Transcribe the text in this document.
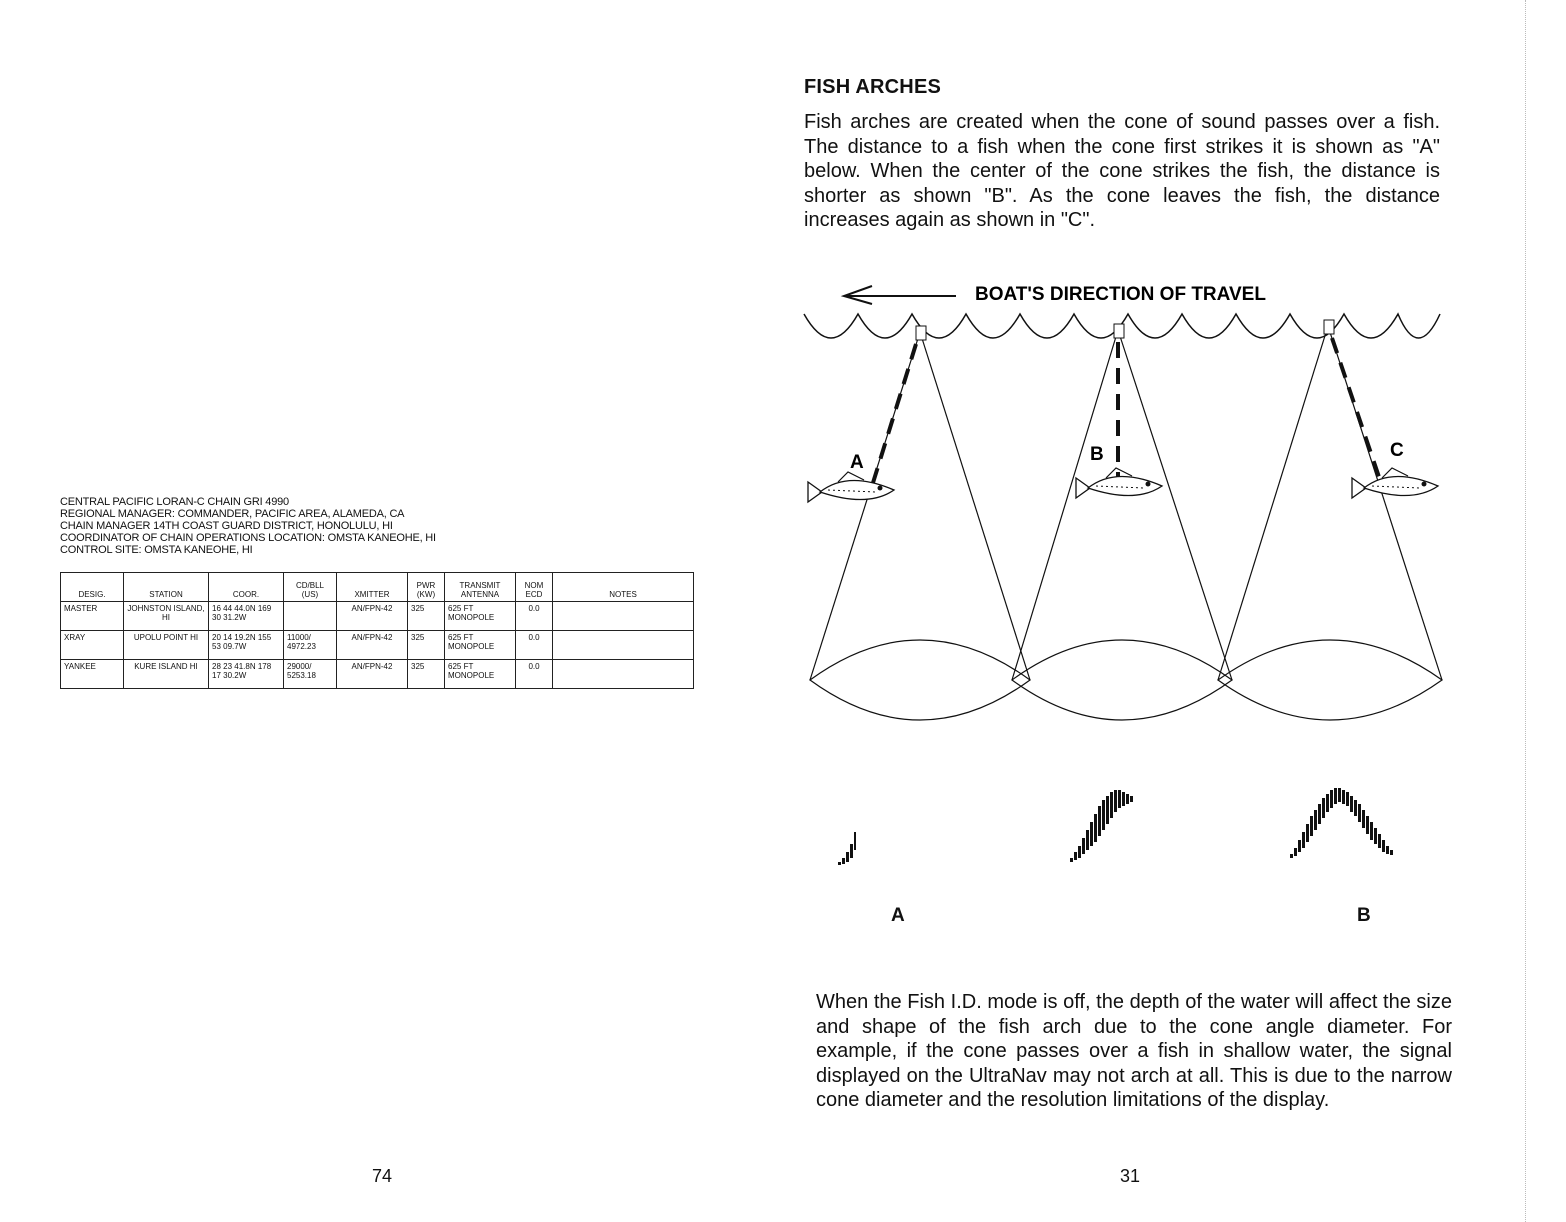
CENTRAL PACIFIC LORAN-C CHAIN GRI 4990
REGIONAL MANAGER: COMMANDER, PACIFIC AREA, ALAMEDA, CA
CHAIN MANAGER 14TH COAST GUARD DISTRICT, HONOLULU, HI
COORDINATOR OF CHAIN OPERATIONS LOCATION: OMSTA KANEOHE, HI
CONTROL SITE: OMSTA KANEOHE, HI
DESIG.	STATION	COOR.	CD/BLL (US)	XMITTER	PWR (KW)	TRANSMIT ANTENNA	NOM ECD	NOTES
MASTER	JOHNSTON ISLAND, HI	16 44 44.0N 169 30 31.2W		AN/FPN-42	325	625 FT MONOPOLE	0.0	
XRAY	UPOLU POINT HI	20 14 19.2N 155 53 09.7W	11000/ 4972.23	AN/FPN-42	325	625 FT MONOPOLE	0.0	
YANKEE	KURE ISLAND HI	28 23 41.8N 178 17 30.2W	29000/ 5253.18	AN/FPN-42	325	625 FT MONOPOLE	0.0	
74
FISH ARCHES

Fish arches are created when the cone of sound passes over a fish. The distance to a fish when the cone first strikes it is shown as "A" below. When the center of the cone strikes the fish, the distance is shorter as shown "B". As the cone leaves the fish, the distance increases again as shown in "C".

BOAT'S DIRECTION OF TRAVEL
A	B	C
A	B

When the Fish I.D. mode is off, the depth of the water will affect the size and shape of the fish arch due to the cone angle diameter. For example, if the cone passes over a fish in shallow water, the signal displayed on the UltraNav may not arch at all. This is due to the narrow cone diameter and the resolution limitations of the display.

31
